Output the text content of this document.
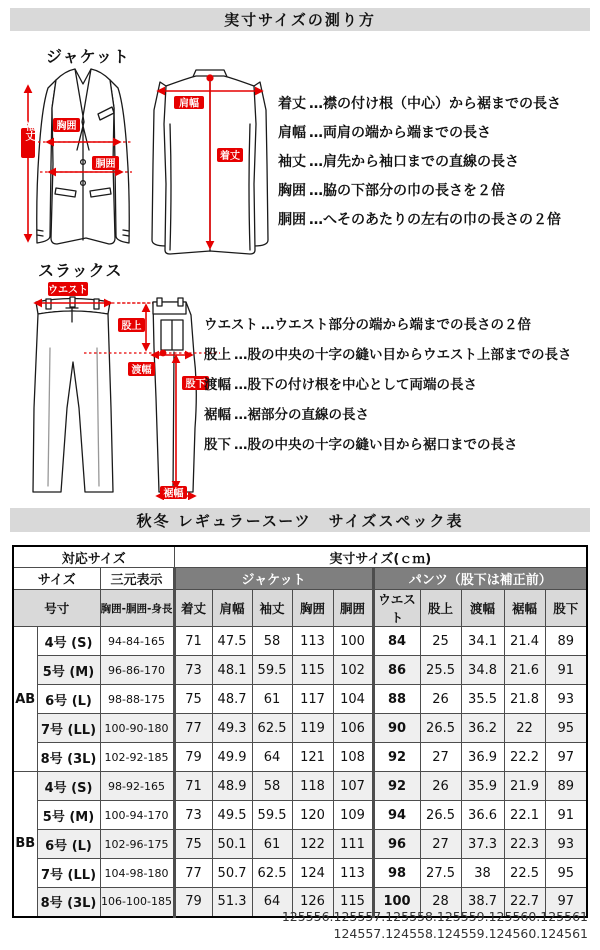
実寸サイズの測り方
ジャケット
袖丈 胸囲
胴囲
肩幅
着丈
着丈 …襟の付け根（中心）から裾までの長さ
肩幅 …両肩の端から端までの長さ
袖丈 …肩先から袖口までの直線の長さ
胸囲 …脇の下部分の巾の長さを２倍
胴囲 …へそのあたりの左右の巾の長さの２倍
スラックス
ウエスト
股上
渡幅
股下
裾幅
ウエスト …ウエスト部分の端から端までの長さの２倍
股上 …股の中央の十字の縫い目からウエスト上部までの長さ
渡幅 …股下の付け根を中心として両端の長さ
裾幅 …裾部分の直線の長さ
股下 …股の中央の十字の縫い目から裾口までの長さ
秋冬 レギュラースーツ　サイズスペック表
対応サイズ			実寸サイズ(ｃｍ)									
サイズ		三元表示	ジャケット					パンツ（股下は補正前）				
号寸		胸囲-胴囲-身長	着丈	肩幅	袖丈	胸囲	胴囲	ウエスト	股上	渡幅	裾幅	股下
AB	4号 (S)	94-84-165	71	47.5	58	113	100	84	25	34.1	21.4	89
	5号 (M)	96-86-170	73	48.1	59.5	115	102	86	25.5	34.8	21.6	91
	6号 (L)	98-88-175	75	48.7	61	117	104	88	26	35.5	21.8	93
	7号 (LL)	100-90-180	77	49.3	62.5	119	106	90	26.5	36.2	22	95
	8号 (3L)	102-92-185	79	49.9	64	121	108	92	27	36.9	22.2	97
BB	4号 (S)	98-92-165	71	48.9	58	118	107	92	26	35.9	21.9	89
	5号 (M)	100-94-170	73	49.5	59.5	120	109	94	26.5	36.6	22.1	91
	6号 (L)	102-96-175	75	50.1	61	122	111	96	27	37.3	22.3	93
	7号 (LL)	104-98-180	77	50.7	62.5	124	113	98	27.5	38	22.5	95
	8号 (3L)	106-100-185	79	51.3	64	126	115	100	28	38.7	22.7	97
125556.125557.125558.125559.125560.125561
124557.124558.124559.124560.124561
